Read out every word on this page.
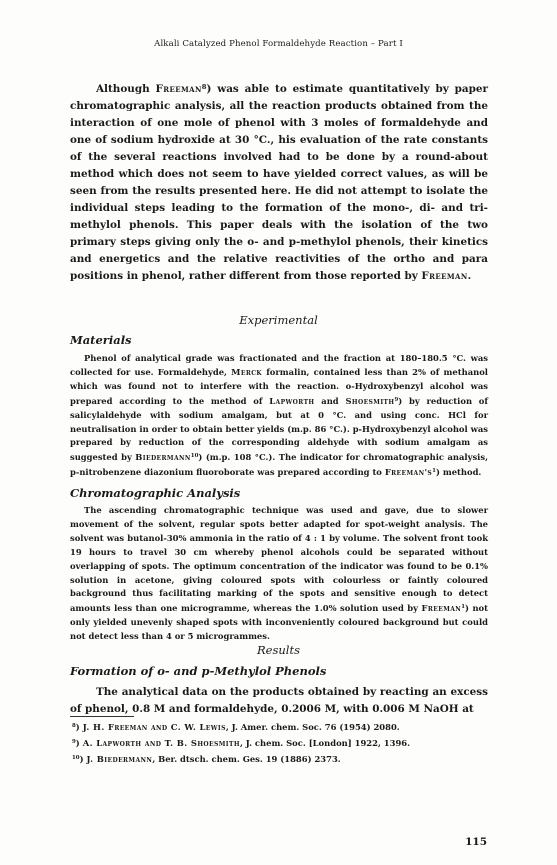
Alkali Catalyzed Phenol Formaldehyde Reaction – Part I

Although Freeman$^8$) was able to estimate quantitatively by paper chromatographic analysis, all the reaction products obtained from the interaction of one mole of phenol with 3 moles of formaldehyde and one of sodium hydroxide at 30 °C., his evaluation of the rate constants of the several reactions involved had to be done by a round-about method which does not seem to have yielded correct values, as will be seen from the results presented here. He did not attempt to isolate the individual steps leading to the formation of the mono-, di- and tri-methylol phenols. This paper deals with the isolation of the two primary steps giving only the o- and p-methylol phenols, their kinetics and energetics and the relative reactivities of the ortho and para positions in phenol, rather different from those reported by Freeman.

Experimental
Materials

Phenol of analytical grade was fractionated and the fraction at 180–180.5 °C. was collected for use. Formaldehyde, Merck formalin, contained less than 2% of methanol which was found not to interfere with the reaction. o-Hydroxybenzyl alcohol was prepared according to the method of Lapworth and Shoesmith$^9$) by reduction of salicylaldehyde with sodium amalgam, but at 0 °C. and using conc. HCl for neutralisation in order to obtain better yields (m.p. 86 °C.). p-Hydroxybenzyl alcohol was prepared by reduction of the corresponding aldehyde with sodium amalgam as suggested by Biedermann$^{10}$) (m.p. 108 °C.). The indicator for chromatographic analysis, p-nitrobenzene diazonium fluoroborate was prepared according to $Freeman's^1$) method.

Chromatographic Analysis

The ascending chromatographic technique was used and gave, due to slower movement of the solvent, regular spots better adapted for spot-weight analysis. The solvent was butanol-30% ammonia in the ratio of 4 : 1 by volume. The solvent front took 19 hours to travel 30 cm whereby phenol alcohols could be separated without overlapping of spots. The optimum concentration of the indicator was found to be 0.1% solution in acetone, giving coloured spots with colourless or faintly coloured background thus facilitating marking of the spots and sensitive enough to detect amounts less than one microgramme, whereas the 1.0% solution used by Freeman$^1$) not only yielded unevenly shaped spots with inconveniently coloured background but could not detect less than 4 or 5 microgrammes.

Results
Formation of o- and p-Methylol Phenols

The analytical data on the products obtained by reacting an excess of phenol, 0.8 M and formaldehyde, 0.2006 M, with 0.006 M NaOH at

$^8$) J. H. Freeman and C. W. Lewis, J. Amer. chem. Soc. 76 (1954) 2080.
$^9$) A. Lapworth and T. B. Shoesmith, J. chem. Soc. [London] 1922, 1396.
$^{10}$) J. Biedermann, Ber. dtsch. chem. Ges. 19 (1886) 2373.
115
